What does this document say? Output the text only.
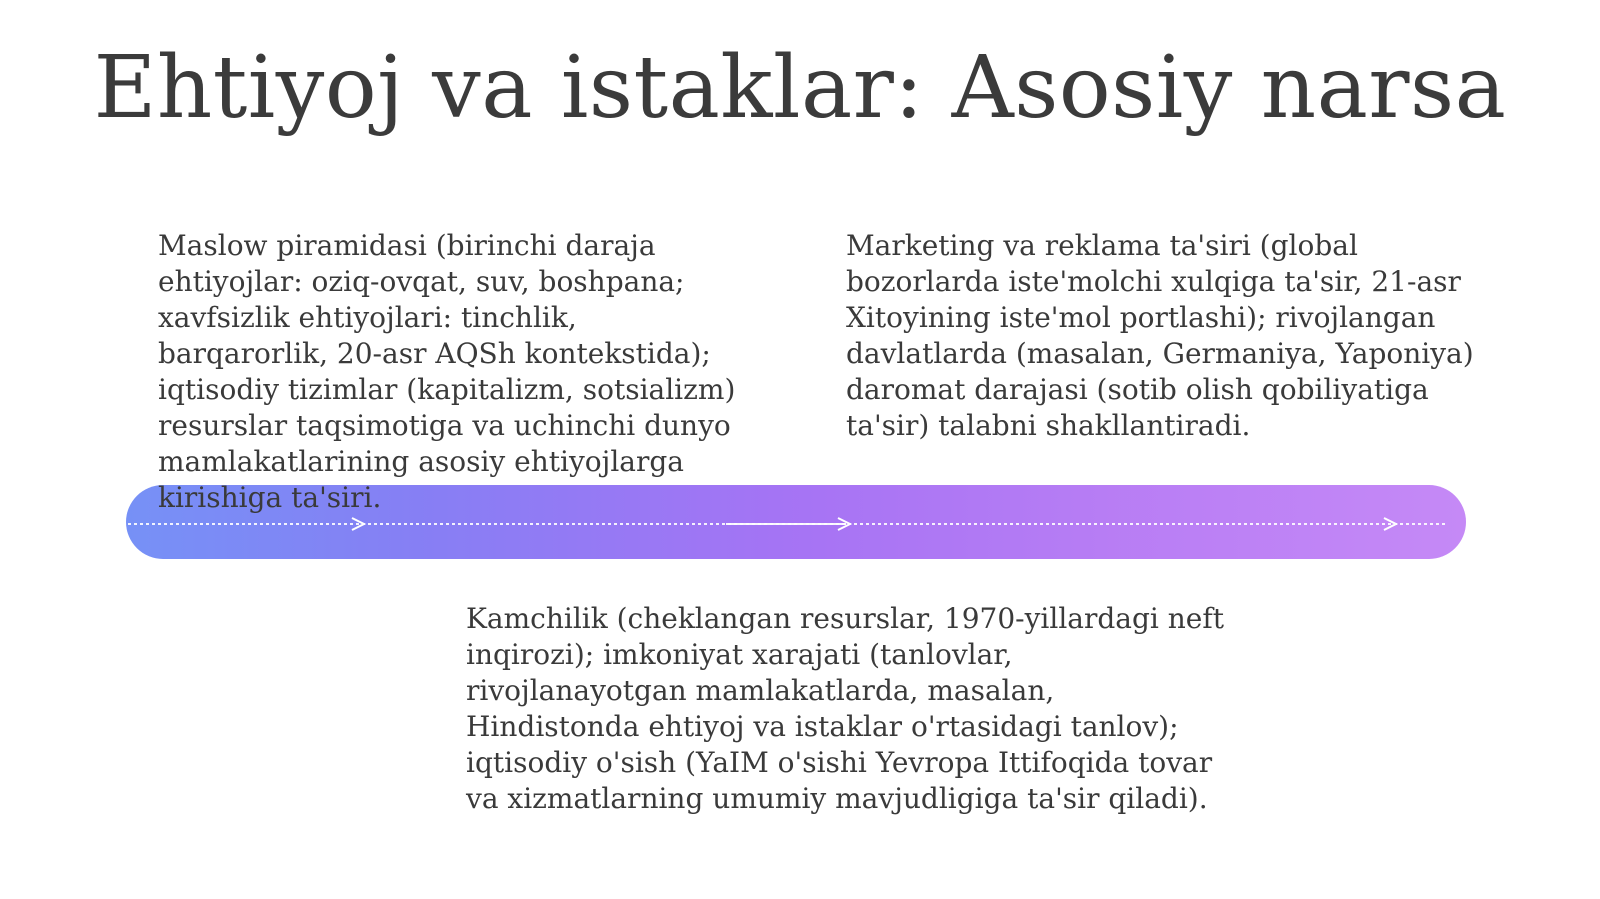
Ehtiyoj va istaklar: Asosiy narsa

Maslow piramidasi (birinchi daraja ehtiyojlar: oziq-ovqat, suv, boshpana; xavfsizlik ehtiyojlari: tinchlik, barqarorlik, 20-asr AQSh kontekstida); iqtisodiy tizimlar (kapitalizm, sotsializm) resurslar taqsimotiga va uchinchi dunyo mamlakatlarining asosiy ehtiyojlarga kirishiga ta'siri.

Marketing va reklama ta'siri (global bozorlarda iste'molchi xulqiga ta'sir, 21-asr Xitoyining iste'mol portlashi); rivojlangan davlatlarda (masalan, Germaniya, Yaponiya) daromat darajasi (sotib olish qobiliyatiga ta'sir) talabni shakllantiradi.

Kamchilik (cheklangan resurslar, 1970-yillardagi neft inqirozi); imkoniyat xarajati (tanlovlar, rivojlanayotgan mamlakatlarda, masalan, Hindistonda ehtiyoj va istaklar o'rtasidagi tanlov); iqtisodiy o'sish (YaIM o'sishi Yevropa Ittifoqida tovar va xizmatlarning umumiy mavjudligiga ta'sir qiladi).
